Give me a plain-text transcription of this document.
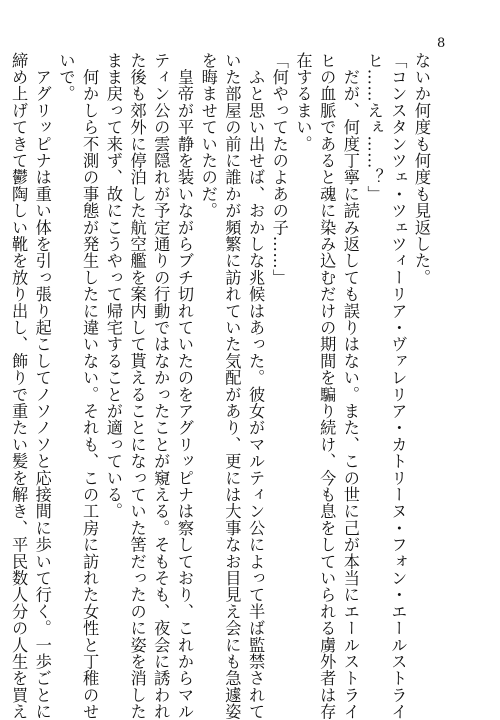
8
ないか何度も何度も見返した。
「コンスタンツェ・ツェツィーリア・ヴァレリア・カトリーヌ・フォン・エールストライ
ヒ……えぇ……？」
　だが、何度丁寧に読み返しても誤りはない。また、この世に己が本当にエールストライ
ヒの血脈であると魂に染み込むだけの期間を騙り続け、今も息をしていられる虜外者は存
在するまい。
「何やってたのよあの子……」
　ふと思い出せば、おかしな兆候はあった。彼女がマルティン公によって半ば監禁されて
いた部屋の前に誰かが頻繁に訪れていた気配があり、更には大事なお目見え会にも急遽姿
を晦ませていたのだ。
　皇帝が平静を装いながらブチ切れていたのをアグリッピナは察しており、これからマル
ティン公の雲隠れが予定通りの行動ではなかったことが窺える。そもそも、夜会に誘われ
た後も郊外に停泊した航空艦を案内して貰えることになっていた筈だったのに姿を消した
まま戻って来ず、故にこうやって帰宅することが適っている。
　何かしら不測の事態が発生したに違いない。それも、この工房に訪れた女性と丁稚のせ
いで。
　アグリッピナは重い体を引っ張り起こしてノソノソと応接間に歩いて行く。一歩ごとに
締め上げてきて鬱陶しい靴を放り出し、飾りで重たい髪を解き、平民数人分の人生を買え
